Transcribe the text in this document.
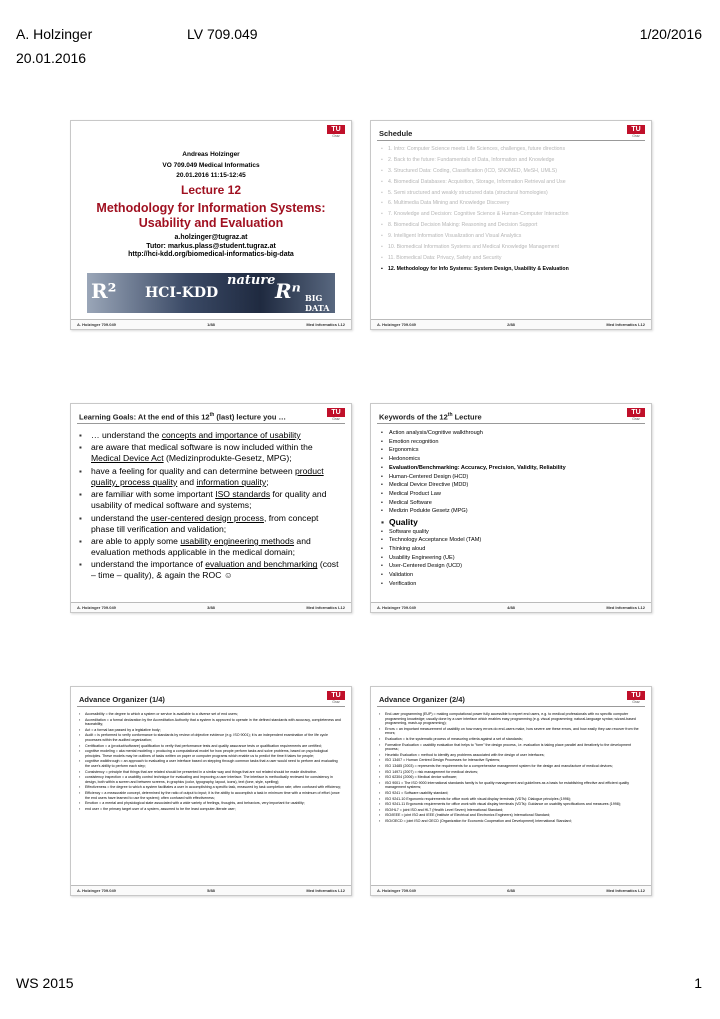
A. Holzinger	LV 709.049	1/20/2016
20.01.2016
TU
Graz
Andreas Holzinger
VO 709.049 Medical Informatics
20.01.2016 11:15-12:45
Lecture 12
Methodology for Information Systems:
Usability and Evaluation
a.holzinger@tugraz.at
Tutor: markus.plass@student.tugraz.at
http://hci-kdd.org/biomedical-informatics-big-data
R² HCI-KDD
nature Rⁿ BIG DATA
A. Holzinger 709.049	1/88	Med Informatics L12
Schedule	TU
Graz
▪ 1. Intro: Computer Science meets Life Sciences, challenges, future directions
▪ 2. Back to the future: Fundamentals of Data, Information and Knowledge
▪ 3. Structured Data: Coding, Classification (ICD, SNOMED, MeSH, UMLS)
▪ 4. Biomedical Databases: Acquisition, Storage, Information Retrieval and Use
▪ 5. Semi structured and weakly structured data (structural homologies)
▪ 6. Multimedia Data Mining and Knowledge Discovery
▪ 7. Knowledge and Decision: Cognitive Science & Human-Computer Interaction
▪ 8. Biomedical Decision Making: Reasoning and Decision Support
▪ 9. Intelligent Information Visualization and Visual Analytics
▪ 10. Biomedical Information Systems and Medical Knowledge Management
▪ 11. Biomedical Data: Privacy, Safety and Security
▪ 12. Methodology for Info Systems: System Design, Usability & Evaluation
A. Holzinger 709.049	2/88	Med Informatics L12
Learning Goals: At the end of this 12th (last) lecture you …	TU
Graz
▪ … understand the concepts and importance of usability
▪ are aware that medical software is now included within the Medical Device Act (Medizinprodukte-Gesetz, MPG);
▪ have a feeling for quality and can determine between product quality, process quality and information quality;
▪ are familiar with some important ISO standards for quality and usability of medical software and systems;
▪ understand the user-centered design process, from concept phase till verification and validation;
▪ are able to apply some usability engineering methods and evaluation methods applicable in the medical domain;
▪ understand the importance of evaluation and benchmarking (cost – time – quality), & again the ROC ☺
A. Holzinger 709.049	3/88	Med Informatics L12
Keywords of the 12th Lecture	TU
Graz
▪ Action analysis/Cognitive walkthrough
▪ Emotion recognition
▪ Ergonomics
▪ Hedonomics
▪ Evaluation/Benchmarking: Accuracy, Precision, Validity, Reliability
▪ Human-Centered Design (HCD)
▪ Medical Device Directive (MDD)
▪ Medical Product Law
▪ Medical Software
▪ Medizin Podukte Gesetz (MPG)
▪ Quality
▪ Software quality
▪ Technology Acceptance Model (TAM)
▪ Thinking aloud
▪ Usability Engineering (UE)
▪ User-Centered Design (UCD)
▪ Validation
▪ Verification
A. Holzinger 709.049	4/88	Med Informatics L12
Advance Organizer (1/4)	TU
Graz
▪ Accessibility = the degree to which a system or service is available to a diverse set of end users;
▪ Accreditation = a formal declaration by the Accreditation Authority that a system is approved to operate in the defined standards with accuracy, completeness and traceability;
▪ Act = a formal law passed by a legislative body;
▪ Audit = is performed to verify conformance to standards by review of objective evidence (e.g. ISO 9001); it is an independent examination of the life cycle processes within the audited organization;
▪ Certification = a (product/software) qualification to verify that performance tests and quality assurance tests or qualification requirements are certified;
▪ cognitive modeling = aka mental modeling = producing a computational model for how people perform tasks and solve problems, based on psychological principles. These models may be outlines of tasks written on paper or computer programs which enable us to predict the time it takes for people;
▪ cognitive walkthrough = an approach to evaluating a user interface based on stepping through common tasks that a user would need to perform and evaluating the user's ability to perform each step;
▪ Consistency = principle that things that are related should be presented in a similar way and things that are not related should be made distinctive.
▪ consistency inspection = a usability control technique for evaluating and improving a user interface. The interface is methodically reviewed for consistency in design, both within a screen and between screens, in graphics (color, typography, layout, icons), text (tone, style, spelling);
▪ Effectiveness = the degree to which a system facilitates a user in accomplishing a specific task, measured by task completion rate; often confused with efficiency;
▪ Efficiency = a measurable concept, determined by the ratio of output to input; it is the ability to accomplish a task in minimum time with a minimum of effort (once the end users have learned to use the system); often confused with effectiveness;
▪ Emotion = a mental and physiological state associated with a wide variety of feelings, thoughts, and behaviors, very important for usability;
▪ end user = the primary target user of a system, assumed to be the least computer-literate user;
A. Holzinger 709.049	5/88	Med Informatics L12
Advance Organizer (2/4)	TU
Graz
▪ End-user programming (EUP) = making computational power fully accessible to expert end users, e.g. to medical professionals with no specific computer programming knowledge; usually done by a user interface which enables easy programming (e.g. visual programming; natural-language syntax; wizard-based programming, mash-up programming);
▪ Errors = an important measurement of usability on how many errors do end-users make, how severe are these errors, and how easily they can recover from the errors;
▪ Evaluation = is the systematic process of measuring criteria against a set of standards;
▪ Formative Evaluation = usability evaluation that helps to "form" the design process, i.e. evaluation is taking place parallel and iteratively to the development process;
▪ Heuristic Evaluation = method to identify any problems associated with the design of user interfaces;
▪ ISO 13407 = Human Centred Design Processes for Interactive Systems;
▪ ISO 13485 (2003) = represents the requirements for a comprehensive management system for the design and manufacture of medical devices;
▪ ISO 14971 (2007) = risk management for medical devices;
▪ ISO 62304 (2006) = Medical device software;
▪ ISO 9001 = The ISO 9000 international standards family is for quality management and guidelines as a basis for establishing effective and efficient quality management systems;
▪ ISO 9241 = Software usability standard;
▪ ISO 9241-10 Ergonomic requirements for office work with visual display terminals (VDTs): Dialogue principles (1996);
▪ ISO 9241-11 Ergonomic requirements for office work with visual display terminals (VDTs): Guidance on usability specifications and measures (1998);
▪ ISO/HL7 = joint ISO and HL7 (Health Level Seven) International Standard;
▪ ISO/IEEE = joint ISO and IEEE (Institute of Electrical and Electronics Engineers) International Standard;
▪ ISO/OECD = joint ISO and OECD (Organization for Economic Cooperation and Development) International Standard;
A. Holzinger 709.049	6/88	Med Informatics L12
WS 2015	1
